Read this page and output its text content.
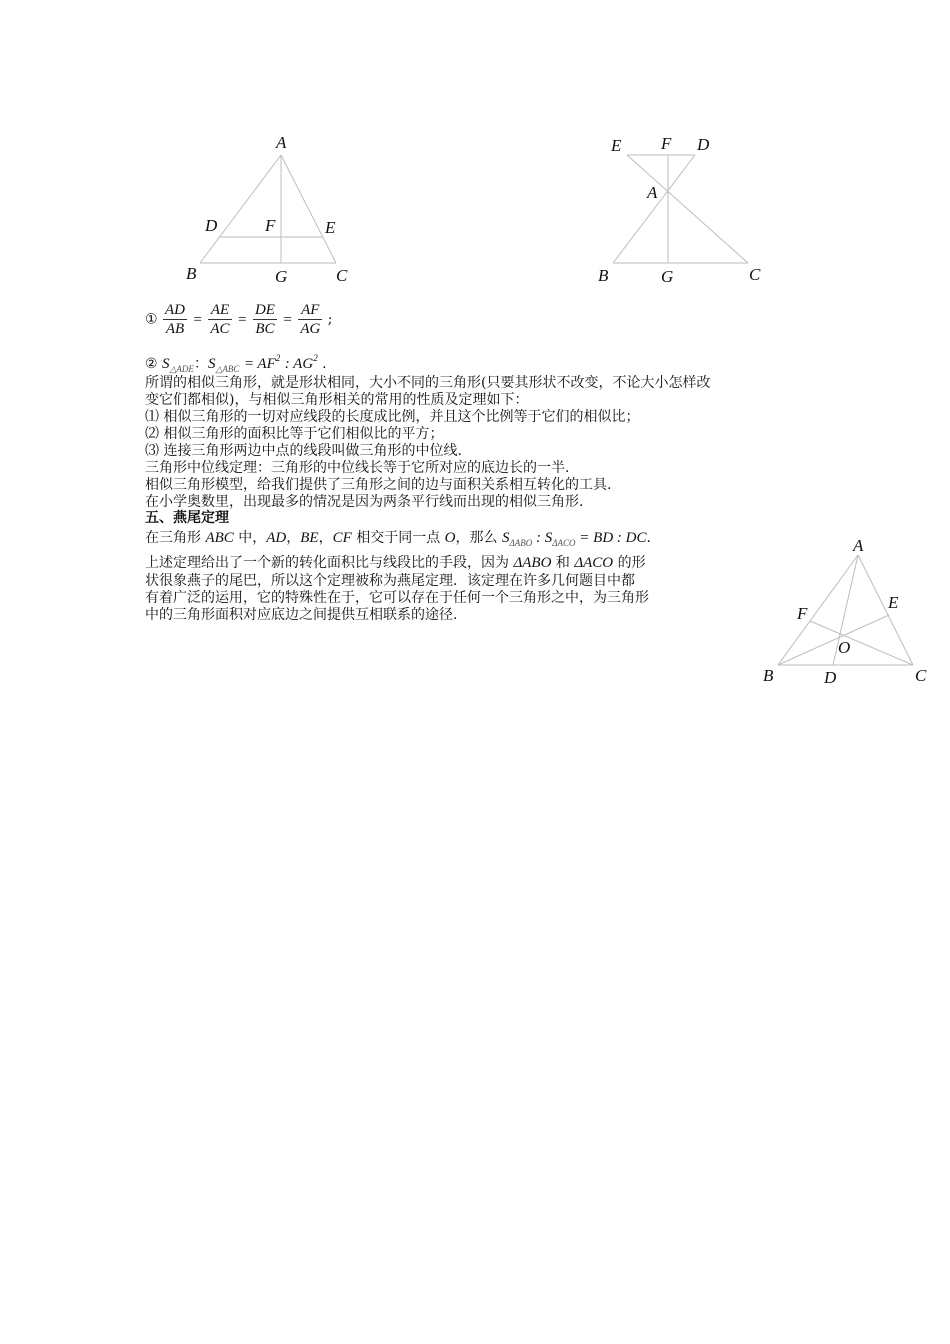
A
D	F	E
B	G	C
E F D
A
B	G	C
A
E
F
O
B	D	C
① $\frac{AD}{AB} = \frac{AE}{AC} = \frac{DE}{BC} = \frac{AF}{AG}$ ;
② $S_{\triangle ADE}$：$S_{\triangle ABC} = AF^2$ : $AG^2$ .
所谓的相似三角形，就是形状相同，大小不同的三角形(只要其形状不改变，不论大小怎样改
变它们都相似)，与相似三角形相关的常用的性质及定理如下：
⑴ 相似三角形的一切对应线段的长度成比例，并且这个比例等于它们的相似比；
⑵ 相似三角形的面积比等于它们相似比的平方；
⑶ 连接三角形两边中点的线段叫做三角形的中位线.
三角形中位线定理：三角形的中位线长等于它所对应的底边长的一半.
相似三角形模型，给我们提供了三角形之间的边与面积关系相互转化的工具.
在小学奥数里，出现最多的情况是因为两条平行线而出现的相似三角形.
五、燕尾定理
在三角形 ABC 中，AD，BE，CF 相交于同一点 O，那么 $S_{\Delta ABO}$ : $S_{\Delta ACO}$ = BD : DC.
上述定理给出了一个新的转化面积比与线段比的手段，因为 ΔABO 和 ΔACO 的形
状很象燕子的尾巴，所以这个定理被称为燕尾定理．该定理在许多几何题目中都
有着广泛的运用，它的特殊性在于，它可以存在于任何一个三角形之中，为三角形
中的三角形面积对应底边之间提供互相联系的途径.
